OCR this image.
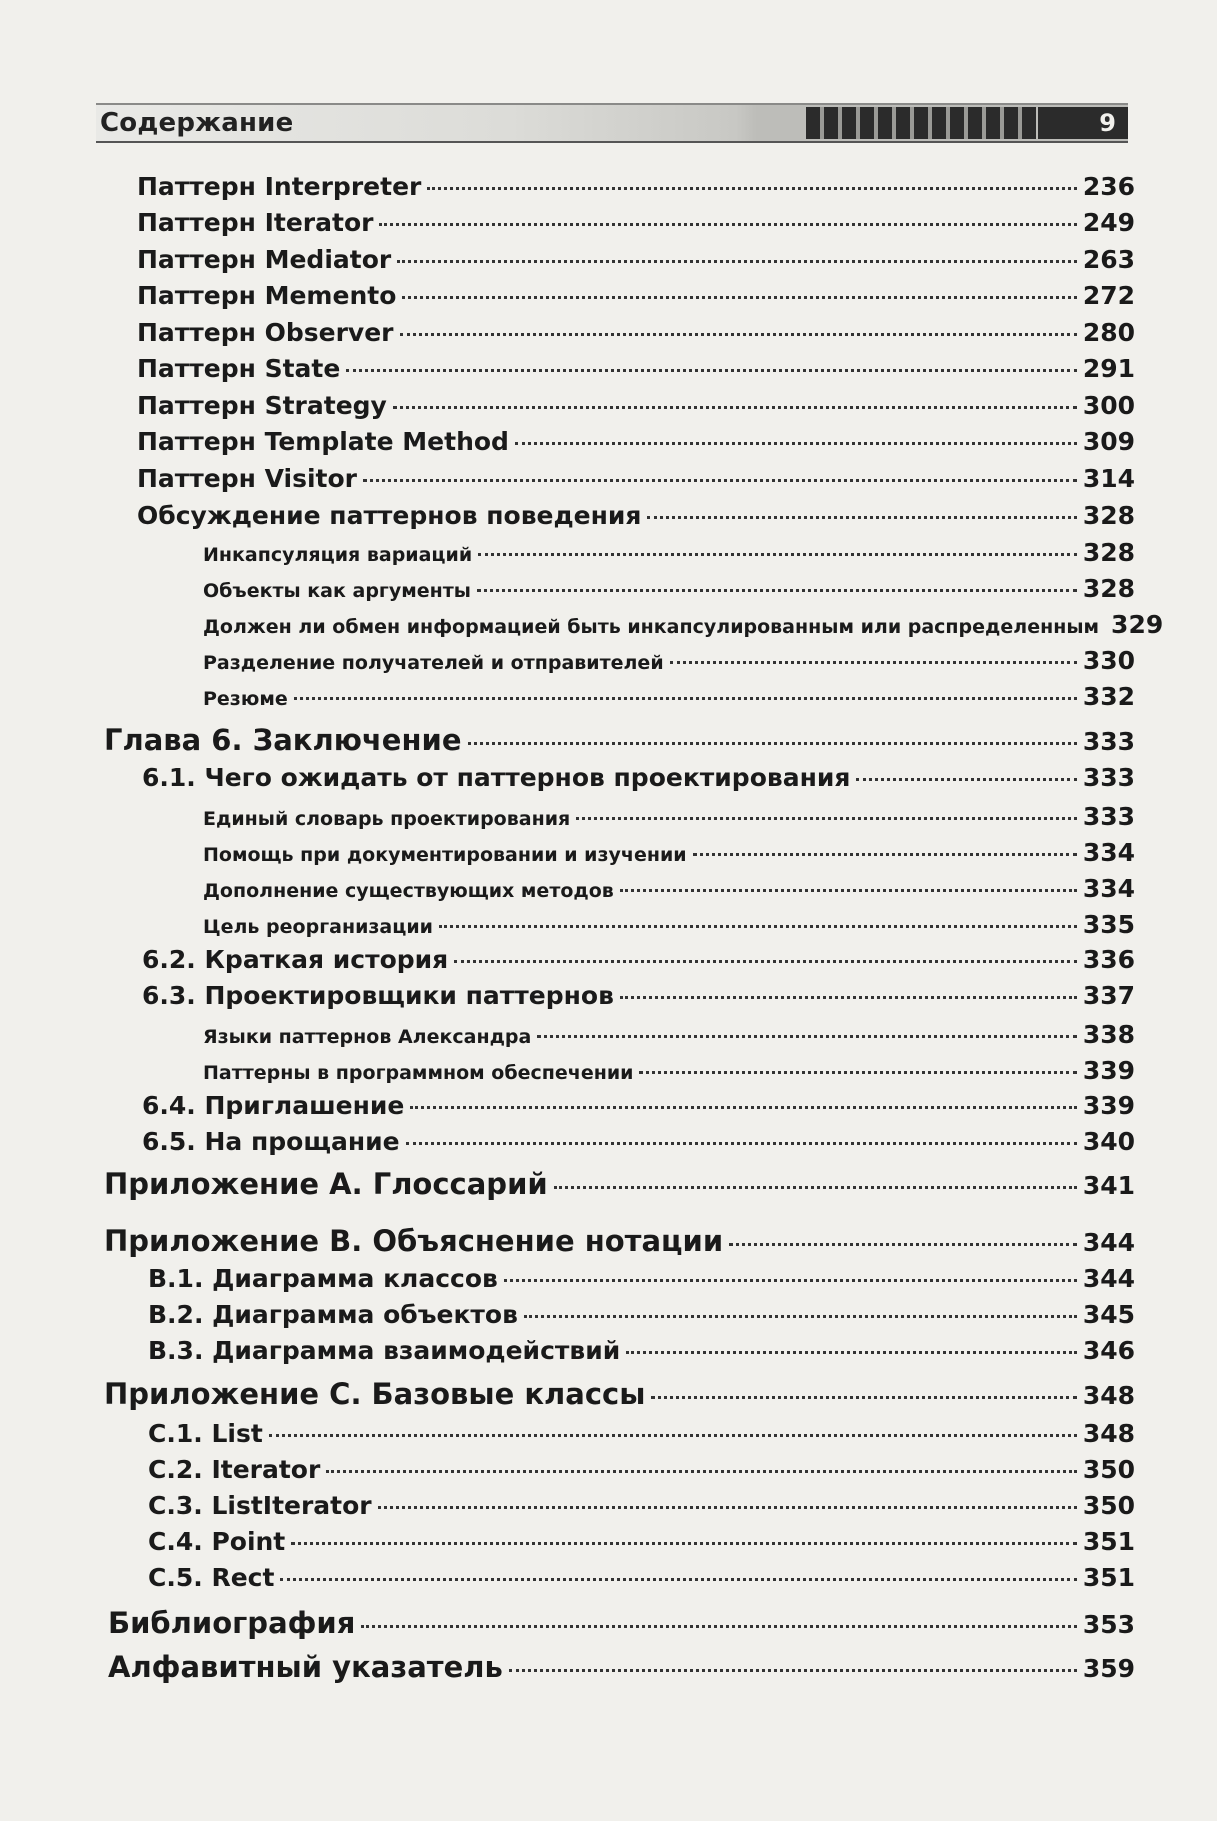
Содержание	9
Паттерн Interpreter	236
Паттерн Iterator	249
Паттерн Mediator	263
Паттерн Memento	272
Паттерн Observer	280
Паттерн State	291
Паттерн Strategy	300
Паттерн Template Method	309
Паттерн Visitor	314
Обсуждение паттернов поведения	328
Инкапсуляция вариаций	328
Объекты как аргументы	328
Должен ли обмен информацией быть инкапсулированным или распределенным 329
Разделение получателей и отправителей	330
Резюме	332
Глава 6. Заключение	333
6.1. Чего ожидать от паттернов проектирования	333
Единый словарь проектирования	333
Помощь при документировании и изучении	334
Дополнение существующих методов	334
Цель реорганизации	335
6.2. Краткая история	336
6.3. Проектировщики паттернов	337
Языки паттернов Александра	338
Паттерны в программном обеспечении	339
6.4. Приглашение	339
6.5. На прощание	340
Приложение А. Глоссарий	341
Приложение В. Объяснение нотации	344
В.1. Диаграмма классов	344
В.2. Диаграмма объектов	345
В.3. Диаграмма взаимодействий	346
Приложение С. Базовые классы	348
С.1. List	348
С.2. Iterator	350
С.3. ListIterator	350
С.4. Point	351
С.5. Rect	351
Библиография	353
Алфавитный указатель	359
